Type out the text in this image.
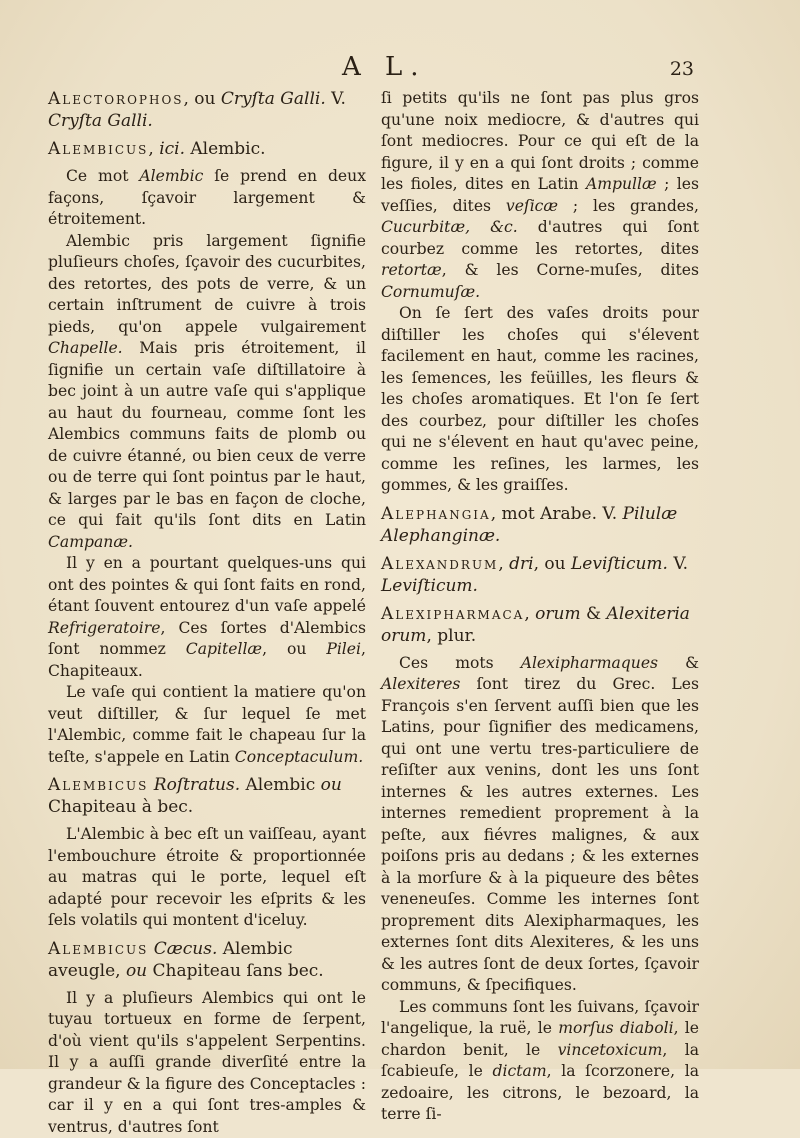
A L.	23

Alectorophos, ou Cryſta Galli. V. Cryſta Galli.

Alembicus, ici. Alembic.

Ce mot Alembic ſe prend en deux façons, ſçavoir largement & étroitement.

Alembic pris largement ſignifie pluſieurs choſes, ſçavoir des cucurbites, des retortes, des pots de verre, & un certain inſtrument de cuivre à trois pieds, qu'on appele vulgairement Chapelle. Mais pris étroitement, il ſignifie un certain vaſe diſtillatoire à bec joint à un autre vaſe qui s'applique au haut du fourneau, comme ſont les Alembics communs faits de plomb ou de cuivre étanné, ou bien ceux de verre ou de terre qui ſont pointus par le haut, & larges par le bas en façon de cloche, ce qui fait qu'ils ſont dits en Latin Campanæ.

Il y en a pourtant quelques-uns qui ont des pointes & qui ſont faits en rond, étant ſouvent entourez d'un vaſe appelé Refrigeratoire, Ces ſortes d'Alembics ſont nommez Capitellæ, ou Pilei, Chapiteaux.

Le vaſe qui contient la matiere qu'on veut diſtiller, & ſur lequel ſe met l'Alembic, comme fait le chapeau ſur la teſte, s'appele en Latin Conceptaculum.

Alembicus Roſtratus. Alembic ou Chapiteau à bec.

L'Alembic à bec eſt un vaiſſeau, ayant l'embouchure étroite & proportionnée au matras qui le porte, lequel eſt adapté pour recevoir les eſprits & les ſels volatils qui montent d'iceluy.

Alembicus Cæcus. Alembic aveugle, ou Chapiteau ſans bec.

Il y a pluſieurs Alembics qui ont le tuyau tortueux en forme de ſerpent, d'où vient qu'ils s'appelent Serpentins. Il y a auſſi grande diverſité entre la grandeur & la figure des Conceptacles : car il y en a qui ſont tres-amples & ventrus, d'autres ſont

ſi petits qu'ils ne ſont pas plus gros qu'une noix mediocre, & d'autres qui ſont mediocres. Pour ce qui eſt de la figure, il y en a qui ſont droits ; comme les fioles, dites en Latin Ampullæ ; les veſſies, dites veſicæ ; les grandes, Cucurbitæ, &c. d'autres qui ſont courbez comme les retortes, dites retortæ, & les Corne-muſes, dites Cornumuſæ.

On ſe ſert des vaſes droits pour diſtiller les choſes qui s'élevent facilement en haut, comme les racines, les ſemences, les feüilles, les fleurs & les choſes aromatiques. Et l'on ſe ſert des courbez, pour diſtiller les choſes qui ne s'élevent en haut qu'avec peine, comme les reſines, les larmes, les gommes, & les graiſſes.

Alephangia, mot Arabe. V. Pilulæ Alephanginæ.

Alexandrum, dri, ou Leviſticum. V. Leviſticum.

Alexipharmaca, orum & Alexiteria orum, plur.

Ces mots Alexipharmaques & Alexiteres ſont tirez du Grec. Les François s'en ſervent auſſi bien que les Latins, pour ſignifier des medicamens, qui ont une vertu tres-particuliere de reſiſter aux venins, dont les uns ſont internes & les autres externes. Les internes remedient proprement à la peſte, aux fiévres malignes, & aux poiſons pris au dedans ; & les externes à la morſure & à la piqueure des bêtes veneneuſes. Comme les internes ſont proprement dits Alexipharmaques, les externes ſont dits Alexiteres, & les uns & les autres ſont de deux ſortes, ſçavoir communs, & ſpecifiques.

Les communs ſont les ſuivans, ſçavoir l'angelique, la ruë, le morſus diaboli, le chardon benit, le vincetoxicum, la ſcabieuſe, le dictam, la ſcorzonere, la zedoaire, les citrons, le bezoard, la terre ſi-
